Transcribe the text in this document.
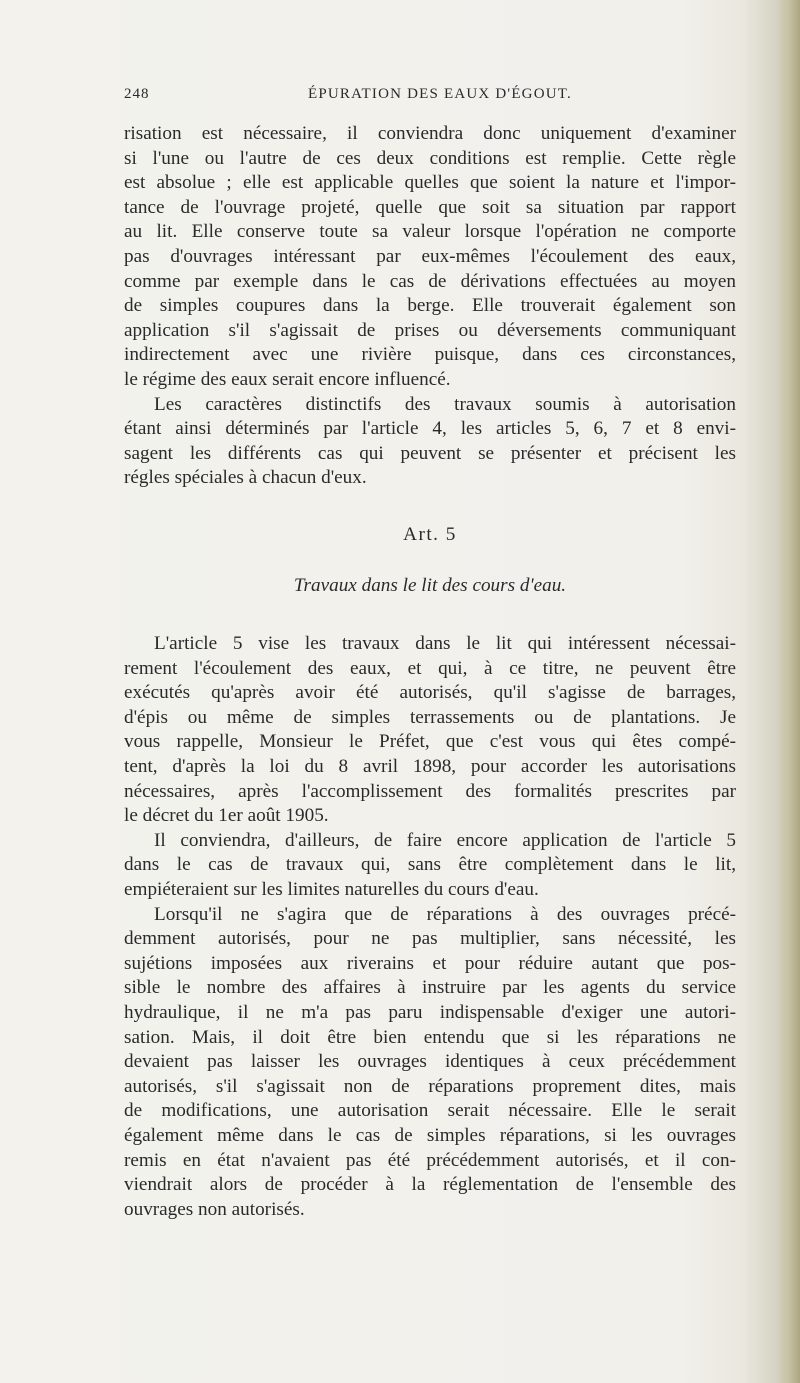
248	ÉPURATION DES EAUX D'ÉGOUT.
risation est nécessaire, il conviendra donc uniquement d'examiner
si l'une ou l'autre de ces deux conditions est remplie. Cette règle
est absolue ; elle est applicable quelles que soient la nature et l'impor-
tance de l'ouvrage projeté, quelle que soit sa situation par rapport
au lit. Elle conserve toute sa valeur lorsque l'opération ne comporte
pas d'ouvrages intéressant par eux-mêmes l'écoulement des eaux,
comme par exemple dans le cas de dérivations effectuées au moyen
de simples coupures dans la berge. Elle trouverait également son
application s'il s'agissait de prises ou déversements communiquant
indirectement avec une rivière puisque, dans ces circonstances,
le régime des eaux serait encore influencé.
Les caractères distinctifs des travaux soumis à autorisation
étant ainsi déterminés par l'article 4, les articles 5, 6, 7 et 8 envi-
sagent les différents cas qui peuvent se présenter et précisent les
régles spéciales à chacun d'eux.
Art. 5
Travaux dans le lit des cours d'eau.
L'article 5 vise les travaux dans le lit qui intéressent nécessai-
rement l'écoulement des eaux, et qui, à ce titre, ne peuvent être
exécutés qu'après avoir été autorisés, qu'il s'agisse de barrages,
d'épis ou même de simples terrassements ou de plantations. Je
vous rappelle, Monsieur le Préfet, que c'est vous qui êtes compé-
tent, d'après la loi du 8 avril 1898, pour accorder les autorisations
nécessaires, après l'accomplissement des formalités prescrites par
le décret du 1er août 1905.
Il conviendra, d'ailleurs, de faire encore application de l'article 5
dans le cas de travaux qui, sans être complètement dans le lit,
empiéteraient sur les limites naturelles du cours d'eau.
Lorsqu'il ne s'agira que de réparations à des ouvrages précé-
demment autorisés, pour ne pas multiplier, sans nécessité, les
sujétions imposées aux riverains et pour réduire autant que pos-
sible le nombre des affaires à instruire par les agents du service
hydraulique, il ne m'a pas paru indispensable d'exiger une autori-
sation. Mais, il doit être bien entendu que si les réparations ne
devaient pas laisser les ouvrages identiques à ceux précédemment
autorisés, s'il s'agissait non de réparations proprement dites, mais
de modifications, une autorisation serait nécessaire. Elle le serait
également même dans le cas de simples réparations, si les ouvrages
remis en état n'avaient pas été précédemment autorisés, et il con-
viendrait alors de procéder à la réglementation de l'ensemble des
ouvrages non autorisés.
